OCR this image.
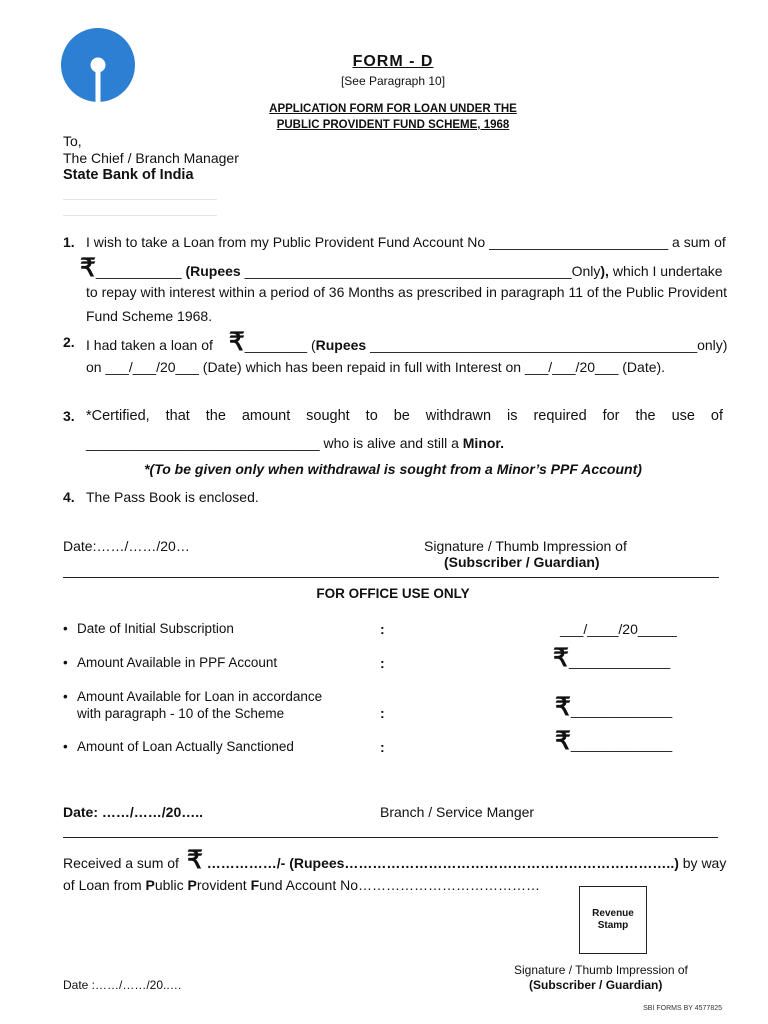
FORM - D
[See Paragraph 10]
APPLICATION FORM FOR LOAN UNDER THE
PUBLIC PROVIDENT FUND SCHEME, 1968
To,
The Chief / Branch Manager
State Bank of India
1. I wish to take a Loan from my Public Provident Fund Account No _______________________ a sum of
₹___________ (Rupees __________________________________________Only), which I undertake
to repay with interest within a period of 36 Months as prescribed in paragraph 11 of the Public Provident
Fund Scheme 1968.
2. I had taken a loan of ₹________ (Rupees __________________________________________only)
on ___/___/20___ (Date) which has been repaid in full with Interest on ___/___/20___ (Date).
3. *Certified, that the amount sought to be withdrawn is required for the use of
______________________________ who is alive and still a Minor.
*(To be given only when withdrawal is sought from a Minor’s PPF Account)
4. The Pass Book is enclosed.
Date:……/……/20…	Signature / Thumb Impression of
(Subscriber / Guardian)
FOR OFFICE USE ONLY
• Date of Initial Subscription	:	___/____/20_____
• Amount Available in PPF Account	:	₹_____________
• Amount Available for Loan in accordance
with paragraph - 10 of the Scheme	:	₹_____________
• Amount of Loan Actually Sanctioned	:	₹_____________
Date: ……/……/20…..	Branch / Service Manger
Received a sum of ₹ ……………/- (Rupees……………………………………………………………..) by way
of Loan from Public Provident Fund Account No…………………………………
Revenue Stamp
Signature / Thumb Impression of
(Subscriber / Guardian)
Date :……/……/20..…
SBI FORMS BY 4577825
